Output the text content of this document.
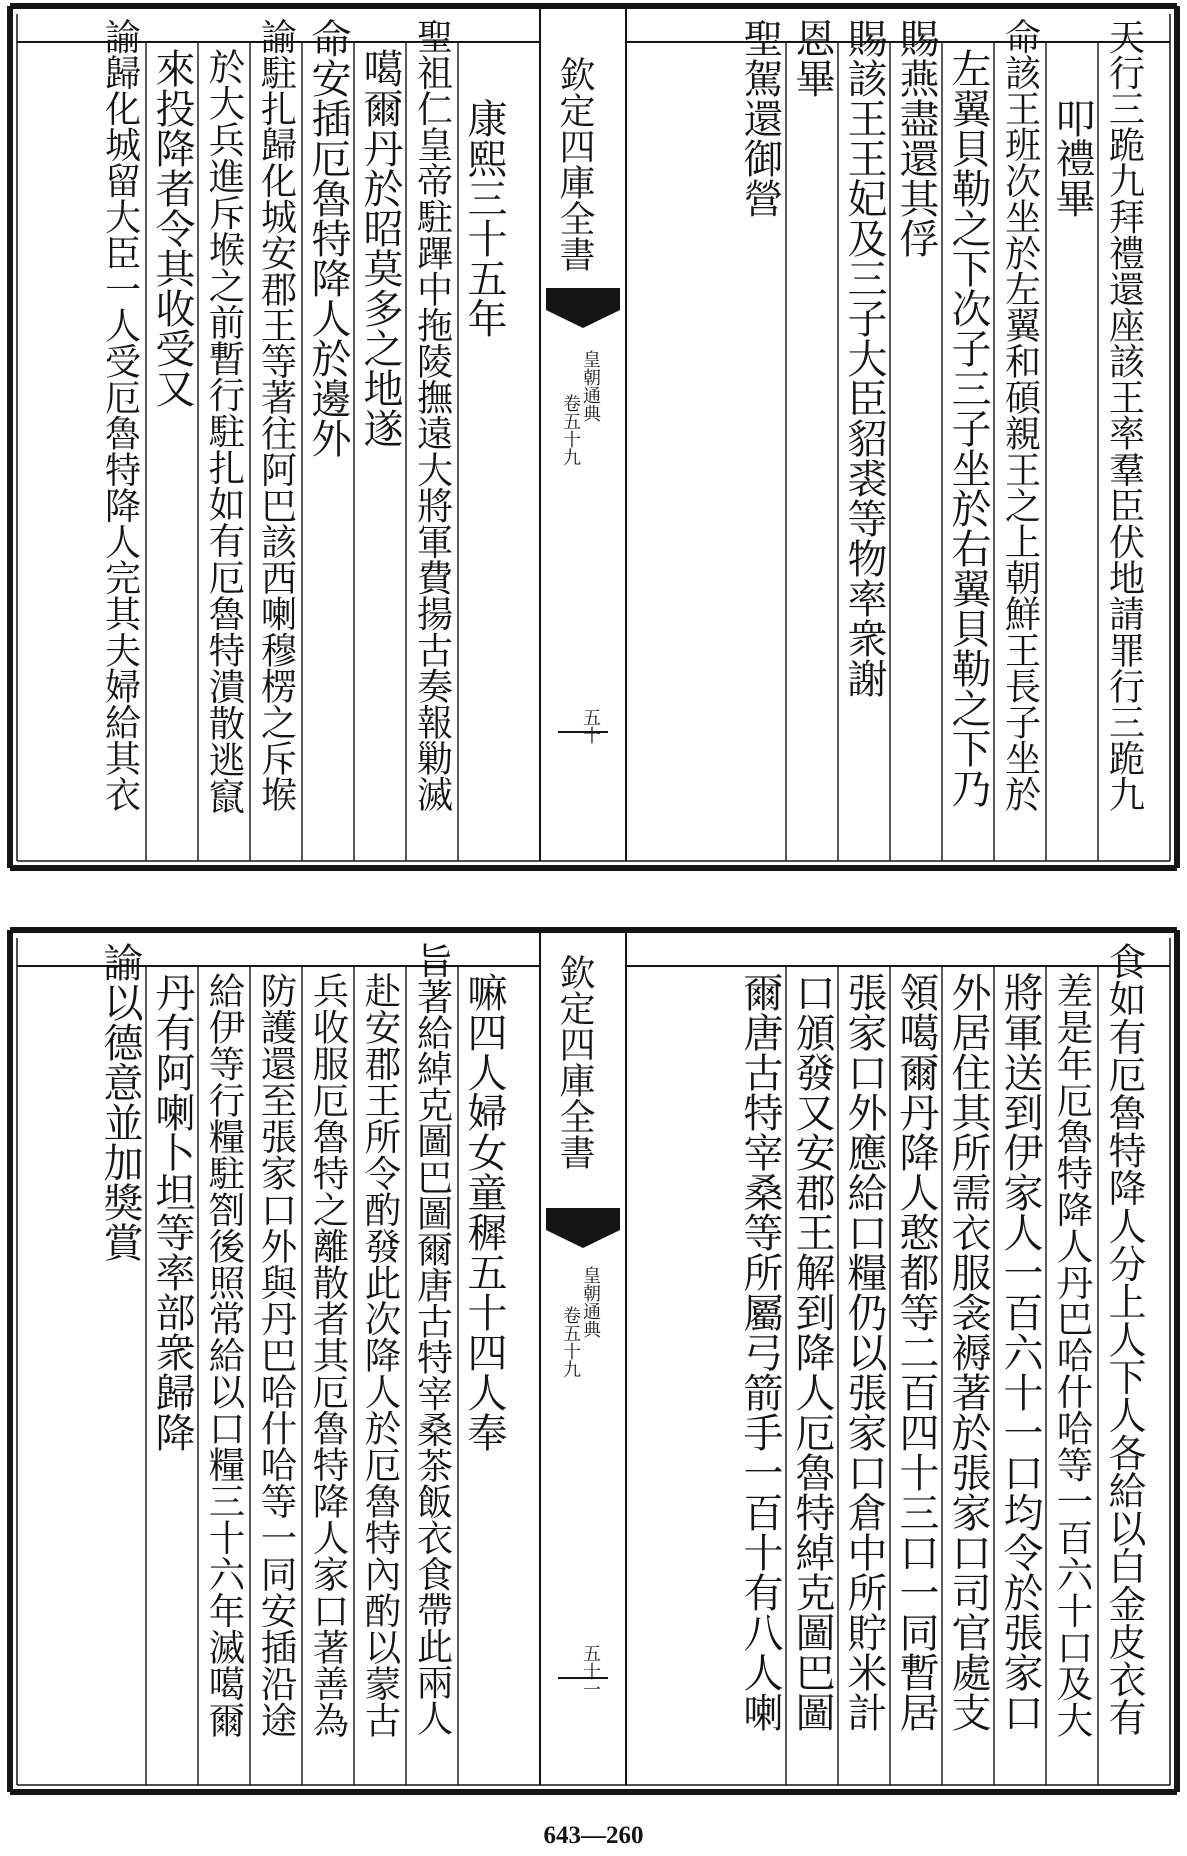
天行三跪九拜禮還座該王率羣臣伏地請罪行三跪九
叩禮畢
命該王班次坐於左翼和碩親王之上朝鮮王長子坐於
左翼貝勒之下次子三子坐於右翼貝勒之下乃
賜燕盡還其俘
賜該王王妃及三子大臣貂裘等物率衆謝
恩畢
聖駕還御營
康熙三十五年
聖祖仁皇帝駐蹕中拖陵撫遠大將軍費揚古奏報勦滅
噶爾丹於昭莫多之地遂
命安插厄魯特降人於邊外
諭駐扎歸化城安郡王等著往阿巴該西喇穆楞之斥堠
於大兵進斥堠之前暫行駐扎如有厄魯特潰散逃竄
來投降者令其收受又
諭歸化城留大臣一人受厄魯特降人完其夫婦給其衣	欽定四庫全書
皇朝通典
卷五十九
五十
食如有厄魯特降人分上人下人各給以白金皮衣有
差是年厄魯特降人丹巴哈什哈等一百六十口及大
將軍送到伊家人一百六十一口均令於張家口
外居住其所需衣服衾褥著於張家口司官處支
領噶爾丹降人憨都等二百四十三口一同暫居
張家口外應給口糧仍以張家口倉中所貯米計
口頒發又安郡王解到降人厄魯特綽克圖巴圖
爾唐古特宰桑等所屬弓箭手一百十有八人喇
嘛四人婦女童穉五十四人奉
旨著給綽克圖巴圖爾唐古特宰桑茶飯衣食帶此兩人
赴安郡王所令酌發此次降人於厄魯特內酌以蒙古
兵收服厄魯特之離散者其厄魯特降人家口著善為
防護還至張家口外與丹巴哈什哈等一同安插沿途
給伊等行糧駐劄後照常給以口糧三十六年滅噶爾
丹有阿喇卜坦等率部衆歸降
諭以德意並加獎賞	欽定四庫全書
皇朝通典
卷五十九
五十一
643—260
